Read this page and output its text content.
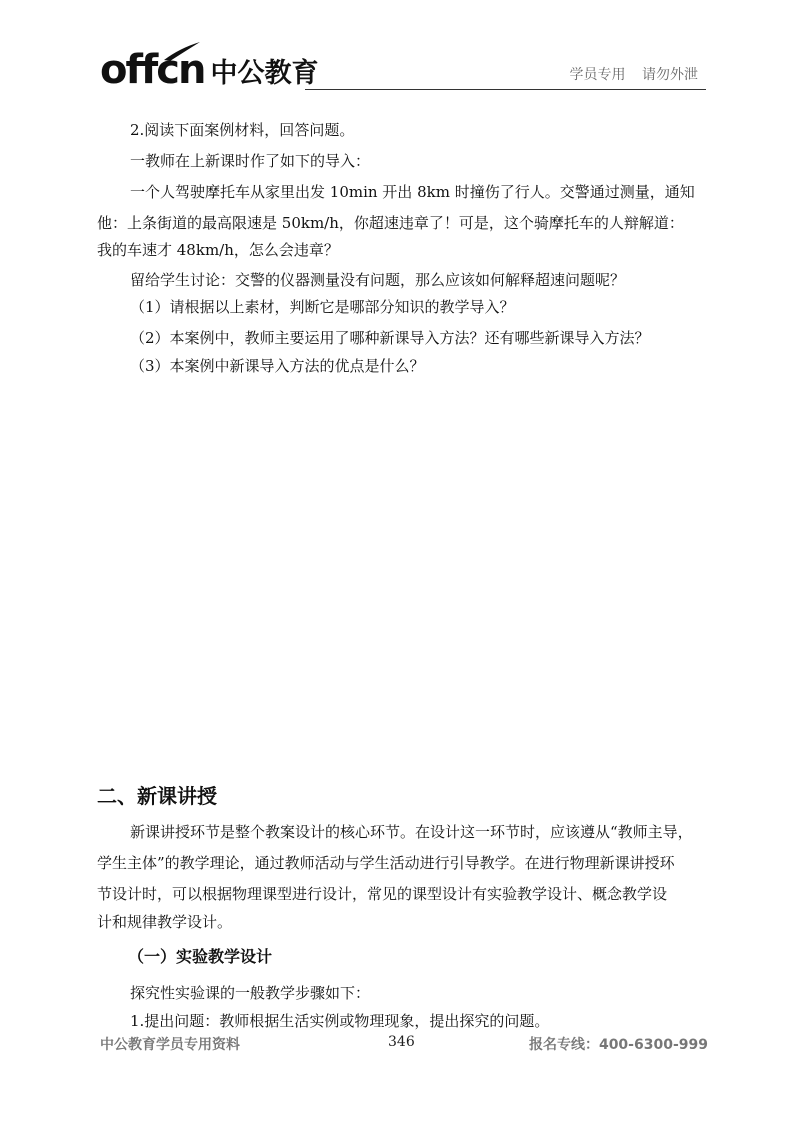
offcn 中公教育	学员专用 请勿外泄

2.阅读下面案例材料，回答问题。

一教师在上新课时作了如下的导入：

一个人驾驶摩托车从家里出发 10min 开出 8km 时撞伤了行人。交警通过测量，通知

他：上条街道的最高限速是 50km/h，你超速违章了！可是，这个骑摩托车的人辩解道：

我的车速才 48km/h，怎么会违章？

留给学生讨论：交警的仪器测量没有问题，那么应该如何解释超速问题呢？

（1）请根据以上素材，判断它是哪部分知识的教学导入？

（2）本案例中，教师主要运用了哪种新课导入方法？还有哪些新课导入方法？

（3）本案例中新课导入方法的优点是什么？

二、新课讲授

新课讲授环节是整个教案设计的核心环节。在设计这一环节时，应该遵从“教师主导，

学生主体”的教学理论，通过教师活动与学生活动进行引导教学。在进行物理新课讲授环

节设计时，可以根据物理课型进行设计，常见的课型设计有实验教学设计、概念教学设

计和规律教学设计。

（一）实验教学设计

探究性实验课的一般教学步骤如下：

1.提出问题：教师根据生活实例或物理现象，提出探究的问题。

中公教育学员专用资料	346	报名专线：400-6300-999
